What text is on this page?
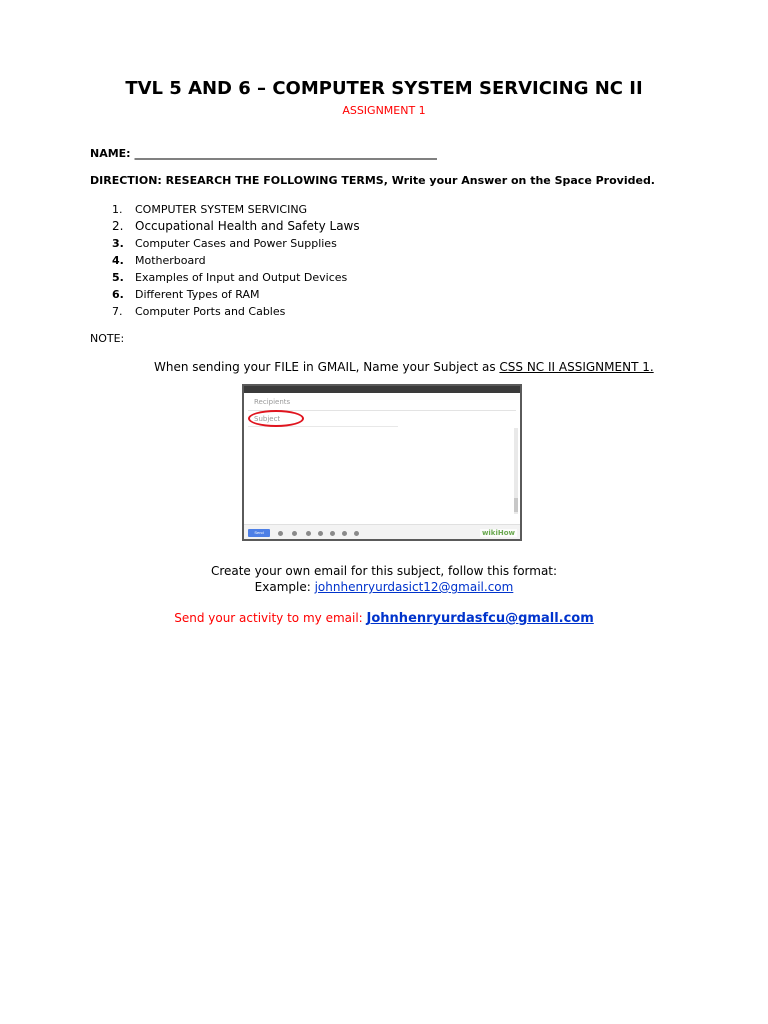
TVL 5 AND 6 – COMPUTER SYSTEM SERVICING NC II
ASSIGNMENT 1
NAME: _______________________________________________________
DIRECTION: RESEARCH THE FOLLOWING TERMS, Write your Answer on the Space Provided.
1.	COMPUTER SYSTEM SERVICING
2. Occupational Health and Safety Laws
3.	Computer Cases and Power Supplies
4.	Motherboard
5.	Examples of Input and Output Devices
6.	Different Types of RAM
7.	Computer Ports and Cables
NOTE:
When sending your FILE in GMAIL, Name your Subject as CSS NC II ASSIGNMENT 1.
Recipients
Subject
Send	wikiHow
Create your own email for this subject, follow this format:
Example: johnhenryurdasict12@gmail.com
Send your activity to my email: Johnhenryurdasfcu@gmall.com
